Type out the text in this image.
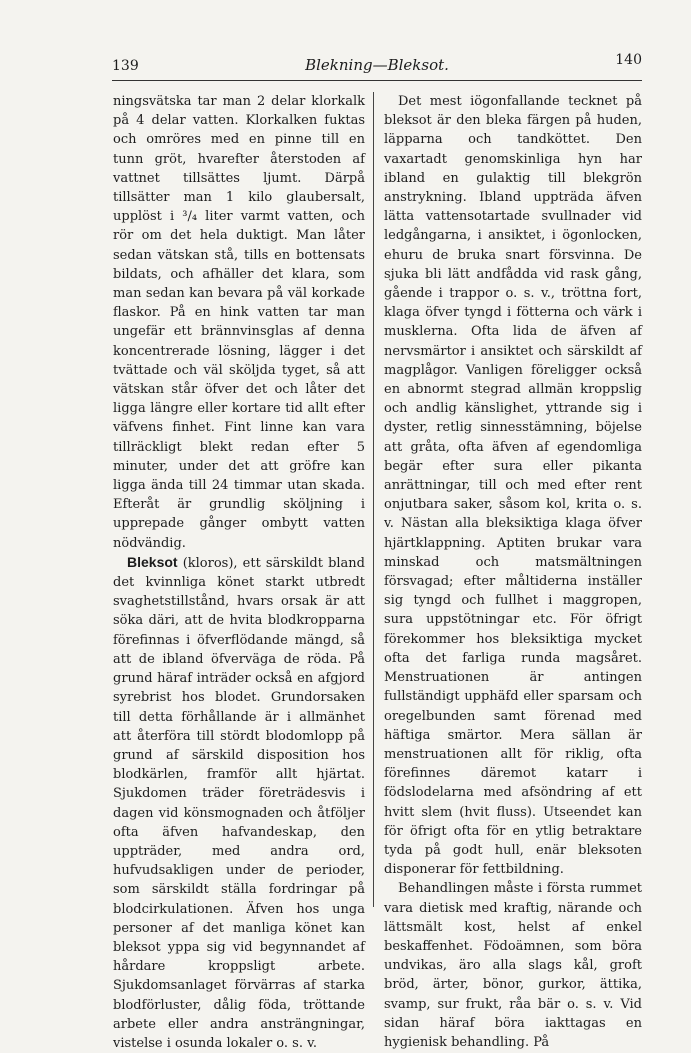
139	Blekning—Bleksot.	140

ningsvätska tar man 2 delar klorkalk på 4 delar vatten. Klorkalken fuktas och omröres med en pinne till en tunn gröt, hvarefter återstoden af vattnet tillsättes ljumt. Därpå tillsätter man 1 kilo glaubersalt, upplöst i ³/₄ liter varmt vatten, och rör om det hela duktigt. Man låter sedan vätskan stå, tills en bottensats bildats, och afhäller det klara, som man sedan kan bevara på väl korkade flaskor. På en hink vatten tar man ungefär ett brännvinsglas af denna koncentrerade lösning, lägger i det tvättade och väl sköljda tyget, så att vätskan står öfver det och låter det ligga längre eller kortare tid allt efter väfvens finhet. Fint linne kan vara tillräckligt blekt redan efter 5 minuter, under det att gröfre kan ligga ända till 24 timmar utan skada. Efteråt är grundlig sköljning i upprepade gånger ombytt vatten nödvändig.

Bleksot (kloros), ett särskildt bland det kvinnliga könet starkt utbredt svaghetstillstånd, hvars orsak är att söka däri, att de hvita blodkropparna förefinnas i öfverflödande mängd, så att de ibland öfverväga de röda. På grund häraf inträder också en afgjord syrebrist hos blodet. Grundorsaken till detta förhållande är i allmänhet att återföra till stördt blodomlopp på grund af särskild disposition hos blodkärlen, framför allt hjärtat. Sjukdomen träder företrädesvis i dagen vid könsmognaden och åtföljer ofta äfven hafvandeskap, den uppträder, med andra ord, hufvudsakligen under de perioder, som särskildt ställa fordringar på blodcirkulationen. Äfven hos unga personer af det manliga könet kan bleksot yppa sig vid begynnandet af hårdare kroppsligt arbete. Sjukdomsanlaget förvärras af starka blodförluster, dålig föda, tröttande arbete eller andra ansträngningar, vistelse i osunda lokaler o. s. v.

Det mest iögonfallande tecknet på bleksot är den bleka färgen på huden, läpparna och tandköttet. Den vaxartadt genomskinliga hyn har ibland en gulaktig till blekgrön anstrykning. Ibland uppträda äfven lätta vattensotartade svullnader vid ledgångarna, i ansiktet, i ögonlocken, ehuru de bruka snart försvinna. De sjuka bli lätt andfådda vid rask gång, gående i trappor o. s. v., tröttna fort, klaga öfver tyngd i fötterna och värk i musklerna. Ofta lida de äfven af nervsmärtor i ansiktet och särskildt af magplågor. Vanligen föreligger också en abnormt stegrad allmän kroppslig och andlig känslighet, yttrande sig i dyster, retlig sinnesstämning, böjelse att gråta, ofta äfven af egendomliga begär efter sura eller pikanta anrättningar, till och med efter rent onjutbara saker, såsom kol, krita o. s. v. Nästan alla bleksiktiga klaga öfver hjärtklappning. Aptiten brukar vara minskad och matsmältningen försvagad; efter måltiderna inställer sig tyngd och fullhet i maggropen, sura uppstötningar etc. För öfrigt förekommer hos bleksiktiga mycket ofta det farliga runda magsåret. Menstruationen är antingen fullständigt upphäfd eller sparsam och oregelbunden samt förenad med häftiga smärtor. Mera sällan är menstruationen allt för riklig, ofta förefinnes däremot katarr i födslodelarna med afsöndring af ett hvitt slem (hvit fluss). Utseendet kan för öfrigt ofta för en ytlig betraktare tyda på godt hull, enär bleksoten disponerar för fettbildning.

Behandlingen måste i första rummet vara dietisk med kraftig, närande och lättsmält kost, helst af enkel beskaffenhet. Födoämnen, som böra undvikas, äro alla slags kål, groft bröd, ärter, bönor, gurkor, ättika, svamp, sur frukt, råa bär o. s. v. Vid sidan häraf böra iakttagas en hygienisk behandling. På
